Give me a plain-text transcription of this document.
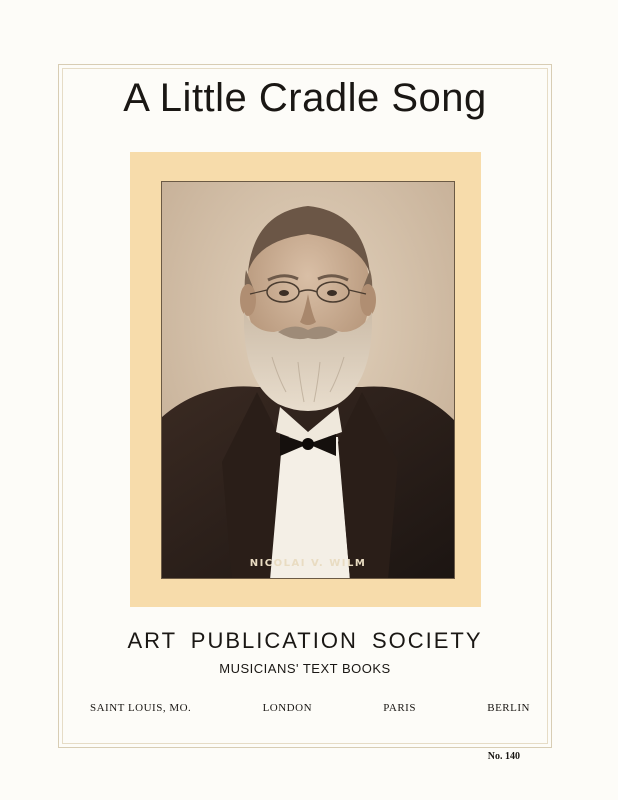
A Little Cradle Song
NICOLAI V. WILM
ART PUBLICATION SOCIETY
MUSICIANS' TEXT BOOKS
SAINT LOUIS, MO.	LONDON	PARIS	BERLIN
No. 140
